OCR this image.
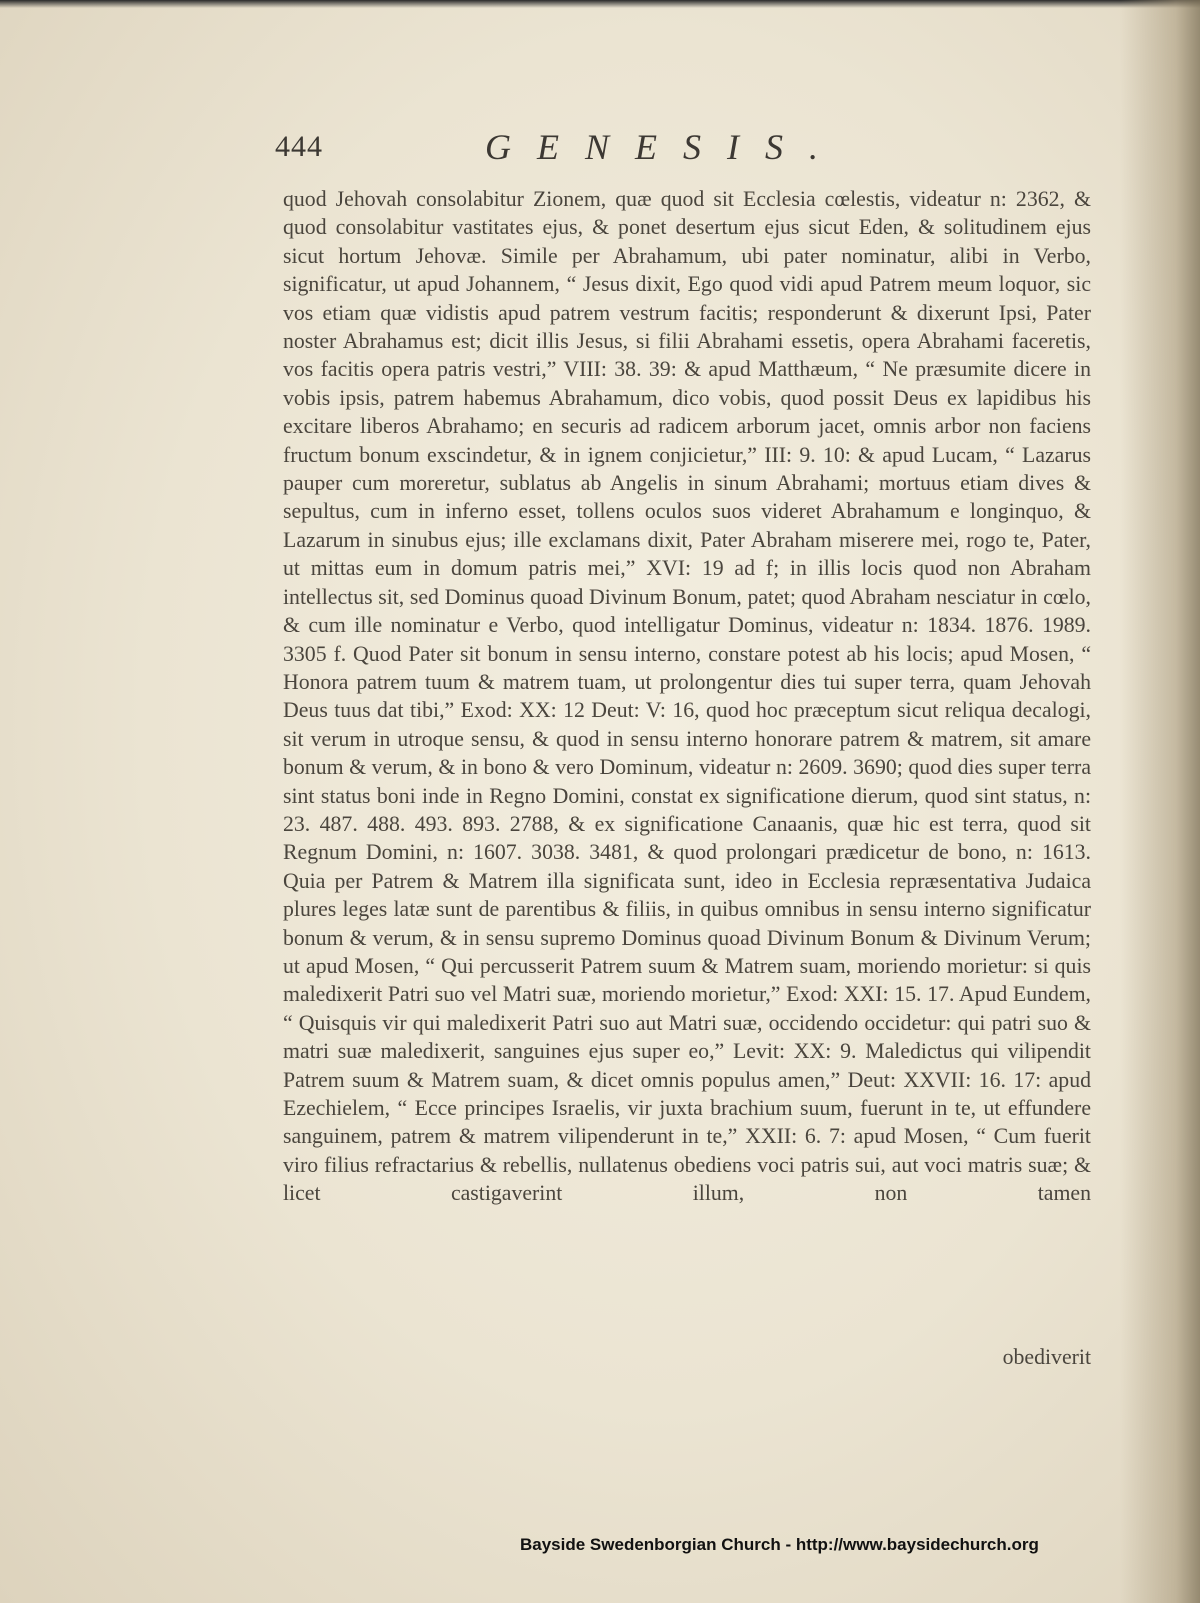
444	GENESIS.

quod Jehovah consolabitur Zionem, quæ quod sit Ecclesia cœlestis, videatur n: 2362, & quod consolabitur vastitates ejus, & ponet desertum ejus sicut Eden, & solitudinem ejus sicut hortum Jehovæ. Simile per Abrahamum, ubi pater nominatur, alibi in Verbo, significatur, ut apud Johannem, “ Jesus dixit, Ego quod vidi apud Patrem meum loquor, sic vos etiam quæ vidistis apud patrem vestrum facitis; responderunt & dixerunt Ipsi, Pater noster Abrahamus est; dicit illis Jesus, si filii Abrahami essetis, opera Abrahami faceretis, vos facitis opera patris vestri,” VIII: 38. 39: & apud Matthæum, “ Ne præsumite dicere in vobis ipsis, patrem habemus Abrahamum, dico vobis, quod possit Deus ex lapidibus his excitare liberos Abrahamo; en securis ad radicem arborum jacet, omnis arbor non faciens fructum bonum exscindetur, & in ignem conjicietur,” III: 9. 10: & apud Lucam, “ Lazarus pauper cum moreretur, sublatus ab Angelis in sinum Abrahami; mortuus etiam dives & sepultus, cum in inferno esset, tollens oculos suos videret Abrahamum e longinquo, & Lazarum in sinubus ejus; ille exclamans dixit, Pater Abraham miserere mei, rogo te, Pater, ut mittas eum in domum patris mei,” XVI: 19 ad f; in illis locis quod non Abraham intellectus sit, sed Dominus quoad Divinum Bonum, patet; quod Abraham nesciatur in cœlo, & cum ille nominatur e Verbo, quod intelligatur Dominus, videatur n: 1834. 1876. 1989. 3305 f. Quod Pater sit bonum in sensu interno, constare potest ab his locis; apud Mosen, “ Honora patrem tuum & matrem tuam, ut prolongentur dies tui super terra, quam Jehovah Deus tuus dat tibi,” Exod: XX: 12 Deut: V: 16, quod hoc præceptum sicut reliqua decalogi, sit verum in utroque sensu, & quod in sensu interno honorare patrem & matrem, sit amare bonum & verum, & in bono & vero Dominum, videatur n: 2609. 3690; quod dies super terra sint status boni inde in Regno Domini, constat ex significatione dierum, quod sint status, n: 23. 487. 488. 493. 893. 2788, & ex significatione Canaanis, quæ hic est terra, quod sit Regnum Domini, n: 1607. 3038. 3481, & quod prolongari prædicetur de bono, n: 1613. Quia per Patrem & Matrem illa significata sunt, ideo in Ecclesia repræsentativa Judaica plures leges latæ sunt de parentibus & filiis, in quibus omnibus in sensu interno significatur bonum & verum, & in sensu supremo Dominus quoad Divinum Bonum & Divinum Verum; ut apud Mosen, “ Qui percusserit Patrem suum & Matrem suam, moriendo morietur: si quis maledixerit Patri suo vel Matri suæ, moriendo morietur,” Exod: XXI: 15. 17. Apud Eundem, “ Quisquis vir qui maledixerit Patri suo aut Matri suæ, occidendo occidetur: qui patri suo & matri suæ maledixerit, sanguines ejus super eo,” Levit: XX: 9. Maledictus qui vilipendit Patrem suum & Matrem suam, & dicet omnis populus amen,” Deut: XXVII: 16. 17: apud Ezechielem, “ Ecce principes Israelis, vir juxta brachium suum, fuerunt in te, ut effundere sanguinem, patrem & matrem vilipenderunt in te,” XXII: 6. 7: apud Mosen, “ Cum fuerit viro filius refractarius & rebellis, nullatenus obediens voci patris sui, aut voci matris suæ; & licet castigaverint illum, non tamen

obediverit
Bayside Swedenborgian Church - http://www.baysidechurch.org
